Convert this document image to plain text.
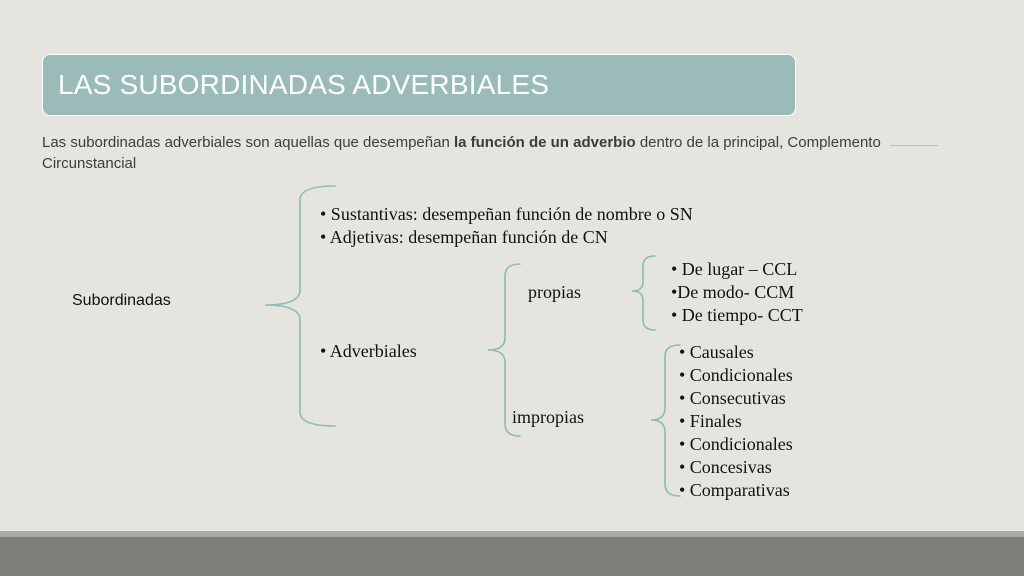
LAS SUBORDINADAS ADVERBIALES
Las subordinadas adverbiales son aquellas que desempeñan la función de un adverbio dentro de la principal, Complemento Circunstancial
Subordinadas
• Sustantivas: desempeñan función de nombre o SN
• Adjetivas: desempeñan función de CN
• Adverbiales
propias
impropias
• De lugar – CCL
•De modo- CCM
• De tiempo- CCT
• Causales
• Condicionales
• Consecutivas
• Finales
• Condicionales
• Concesivas
• Comparativas
